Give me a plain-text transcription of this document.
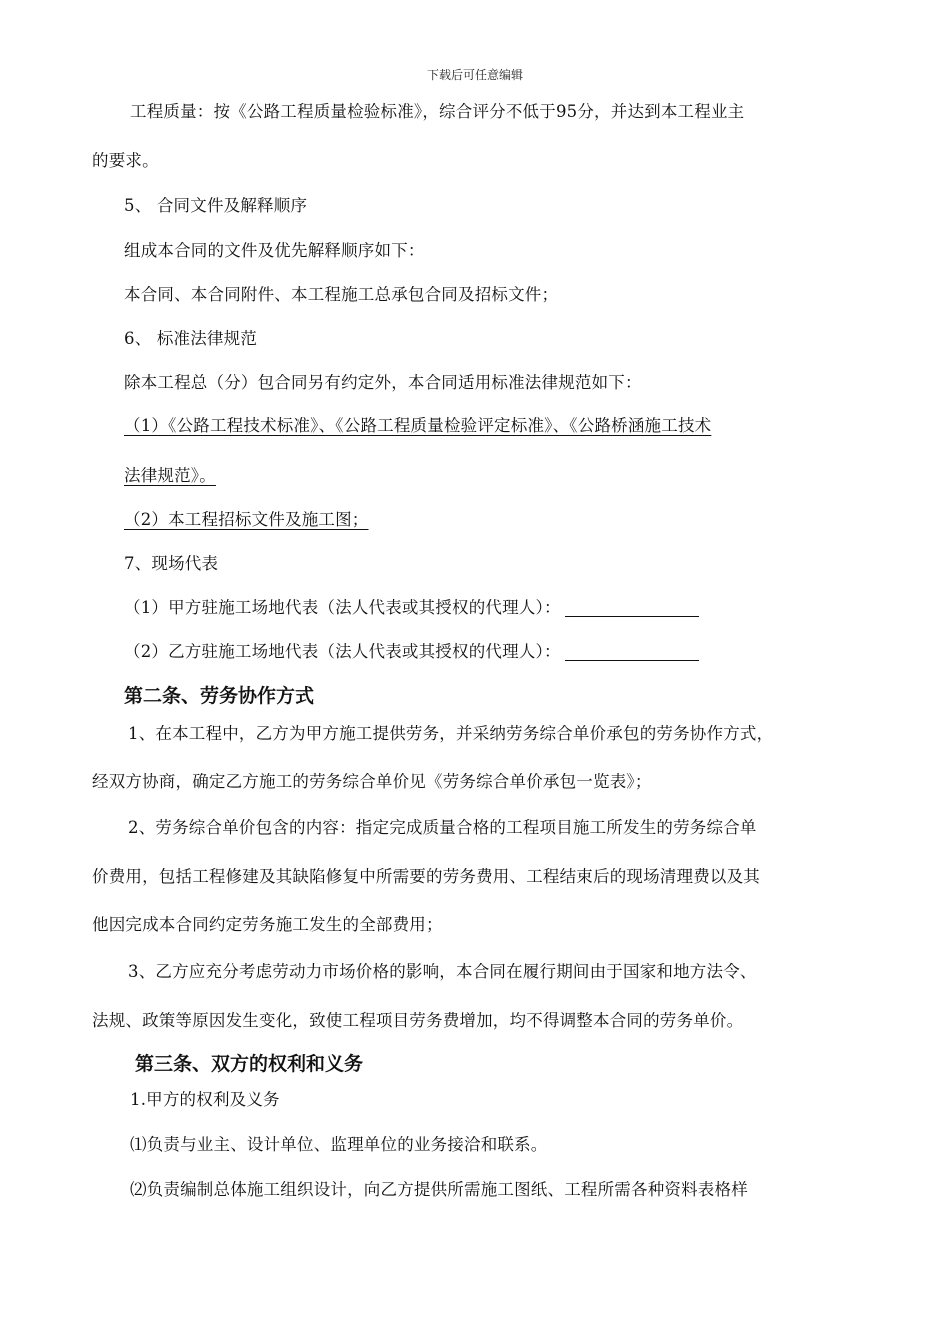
下载后可任意编辑
工程质量：按《公路工程质量检验标准》，综合评分不低于95分，并达到本工程业主
的要求。
5、 合同文件及解释顺序
组成本合同的文件及优先解释顺序如下：
本合同、本合同附件、本工程施工总承包合同及招标文件；
6、 标准法律规范
除本工程总（分）包合同另有约定外，本合同适用标准法律规范如下：
（1）《公路工程技术标准》、《公路工程质量检验评定标准》、《公路桥涵施工技术
法律规范》。
（2）本工程招标文件及施工图；
7、现场代表
（1）甲方驻施工场地代表（法人代表或其授权的代理人）：
（2）乙方驻施工场地代表（法人代表或其授权的代理人）：
第二条、劳务协作方式
1、在本工程中，乙方为甲方施工提供劳务，并采纳劳务综合单价承包的劳务协作方式，
经双方协商，确定乙方施工的劳务综合单价见《劳务综合单价承包一览表》；
2、劳务综合单价包含的内容：指定完成质量合格的工程项目施工所发生的劳务综合单
价费用，包括工程修建及其缺陷修复中所需要的劳务费用、工程结束后的现场清理费以及其
他因完成本合同约定劳务施工发生的全部费用；
3、乙方应充分考虑劳动力市场价格的影响，本合同在履行期间由于国家和地方法令、
法规、政策等原因发生变化，致使工程项目劳务费增加，均不得调整本合同的劳务单价。
第三条、双方的权利和义务
1.甲方的权利及义务
⑴负责与业主、设计单位、监理单位的业务接洽和联系。
⑵负责编制总体施工组织设计，向乙方提供所需施工图纸、工程所需各种资料表格样
